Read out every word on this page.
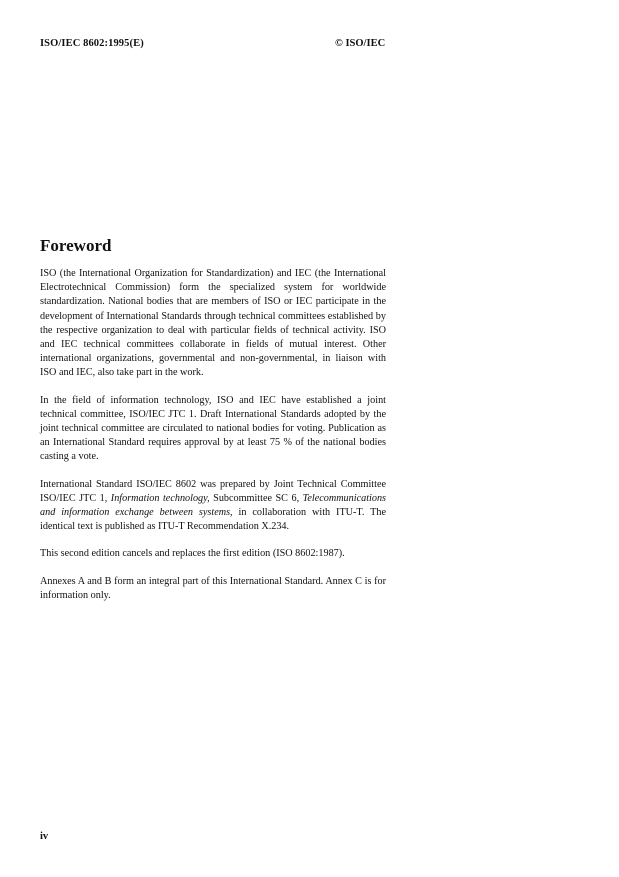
ISO/IEC 8602:1995(E)	© ISO/IEC
Foreword

ISO (the International Organization for Standardization) and IEC (the International Electrotechnical Commission) form the specialized system for worldwide standardization. National bodies that are members of ISO or IEC participate in the development of International Standards through technical committees established by the respective organization to deal with particular fields of technical activity. ISO and IEC technical committees collaborate in fields of mutual interest. Other international organizations, governmental and non-governmental, in liaison with ISO and IEC, also take part in the work.

In the field of information technology, ISO and IEC have established a joint technical committee, ISO/IEC JTC 1. Draft International Standards adopted by the joint technical committee are circulated to national bodies for voting. Publication as an International Standard requires approval by at least 75 % of the national bodies casting a vote.

International Standard ISO/IEC 8602 was prepared by Joint Technical Committee ISO/IEC JTC 1, Information technology, Subcommittee SC 6, Telecommunications and information exchange between systems, in collaboration with ITU-T. The identical text is published as ITU-T Recommendation X.234.

This second edition cancels and replaces the first edition (ISO 8602:1987).

Annexes A and B form an integral part of this International Standard. Annex C is for information only.

iv
